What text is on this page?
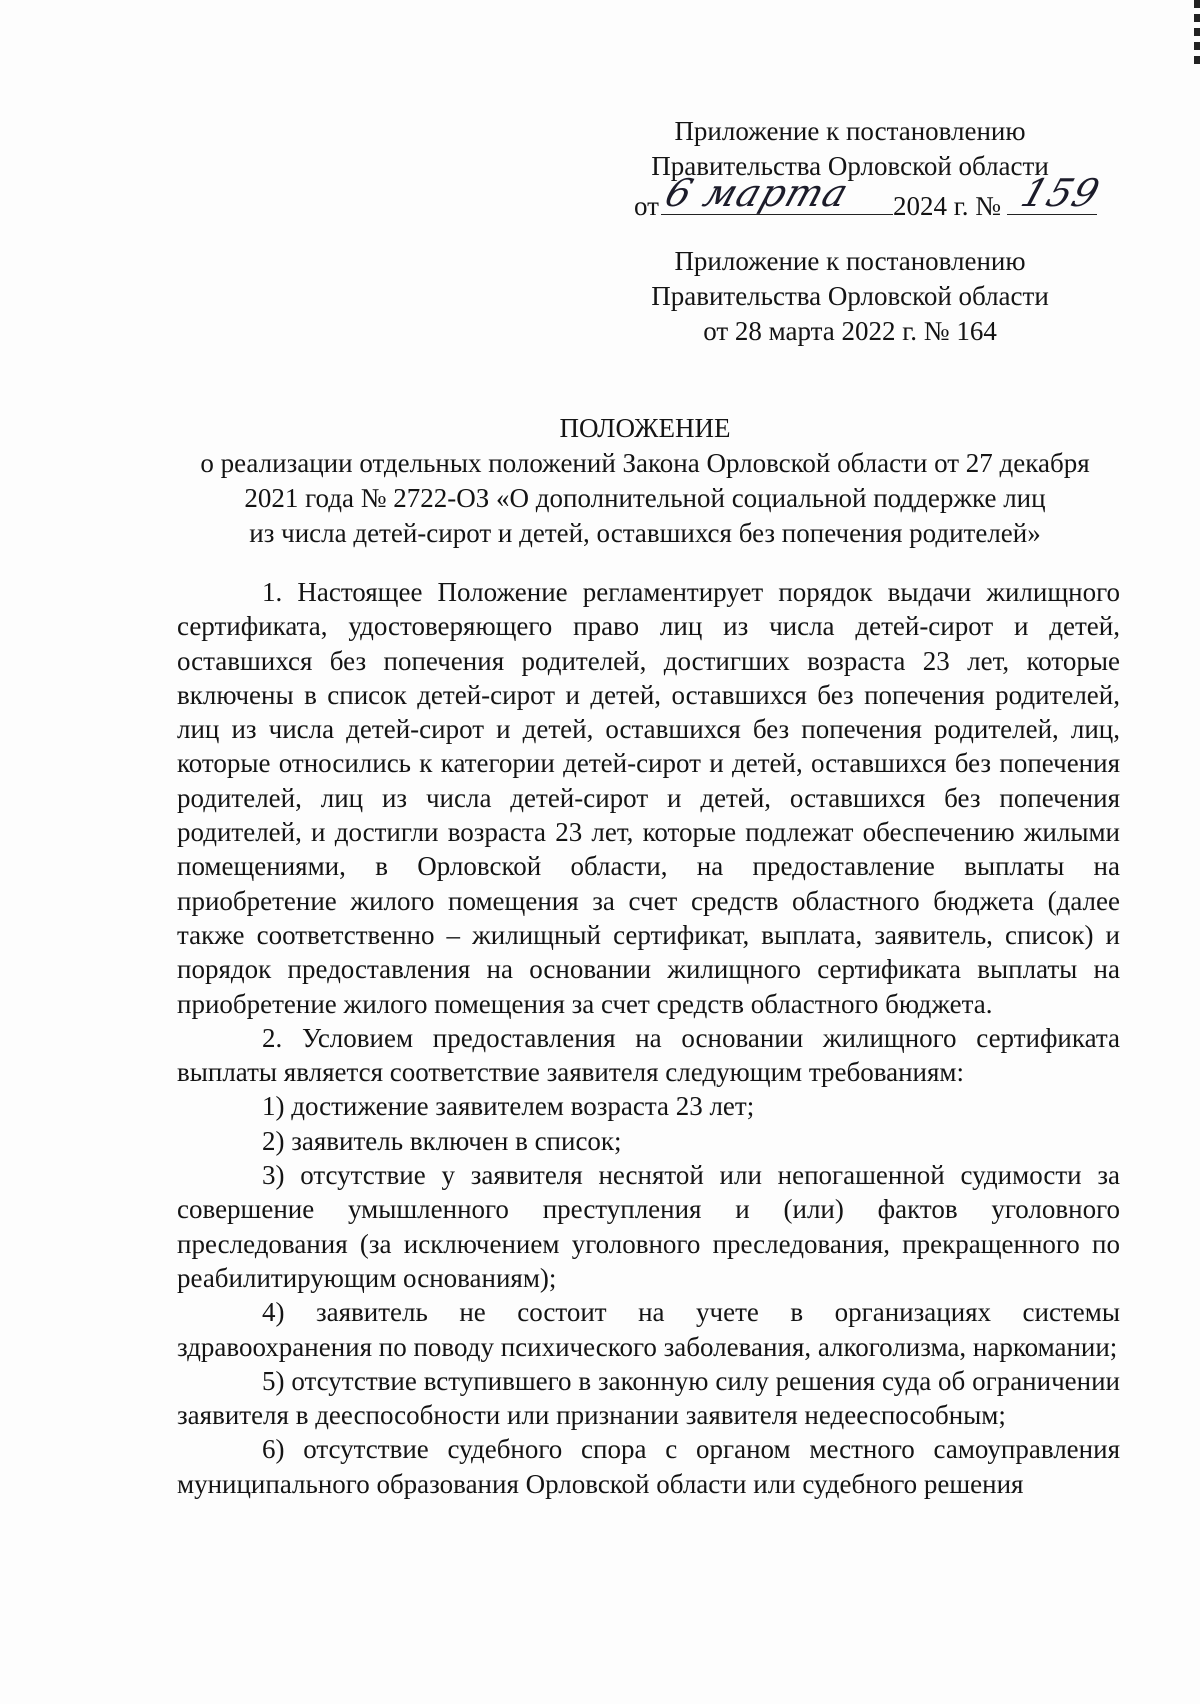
Приложение к постановлению
Правительства Орловской области
от 6 марта 2024 г. № 159
Приложение к постановлению
Правительства Орловской области
от 28 марта 2022 г. № 164
ПОЛОЖЕНИЕ
о реализации отдельных положений Закона Орловской области от 27 декабря
2021 года № 2722-ОЗ «О дополнительной социальной поддержке лиц
из числа детей-сирот и детей, оставшихся без попечения родителей»

1. Настоящее Положение регламентирует порядок выдачи жилищного сертификата, удостоверяющего право лиц из числа детей-сирот и детей, оставшихся без попечения родителей, достигших возраста 23 лет, которые включены в список детей-сирот и детей, оставшихся без попечения родителей, лиц из числа детей-сирот и детей, оставшихся без попечения родителей, лиц, которые относились к категории детей-сирот и детей, оставшихся без попечения родителей, лиц из числа детей-сирот и детей, оставшихся без попечения родителей, и достигли возраста 23 лет, которые подлежат обеспечению жилыми помещениями, в Орловской области, на предоставление выплаты на приобретение жилого помещения за счет средств областного бюджета (далее также соответственно – жилищный сертификат, выплата, заявитель, список) и порядок предоставления на основании жилищного сертификата выплаты на приобретение жилого помещения за счет средств областного бюджета.

2. Условием предоставления на основании жилищного сертификата выплаты является соответствие заявителя следующим требованиям:

1) достижение заявителем возраста 23 лет;

2) заявитель включен в список;

3) отсутствие у заявителя неснятой или непогашенной судимости за совершение умышленного преступления и (или) фактов уголовного преследования (за исключением уголовного преследования, прекращенного по реабилитирующим основаниям);

4) заявитель не состоит на учете в организациях системы здравоохранения по поводу психического заболевания, алкоголизма, наркомании;

5) отсутствие вступившего в законную силу решения суда об ограничении заявителя в дееспособности или признании заявителя недееспособным;

6) отсутствие судебного спора с органом местного самоуправления муниципального образования Орловской области или судебного решения
